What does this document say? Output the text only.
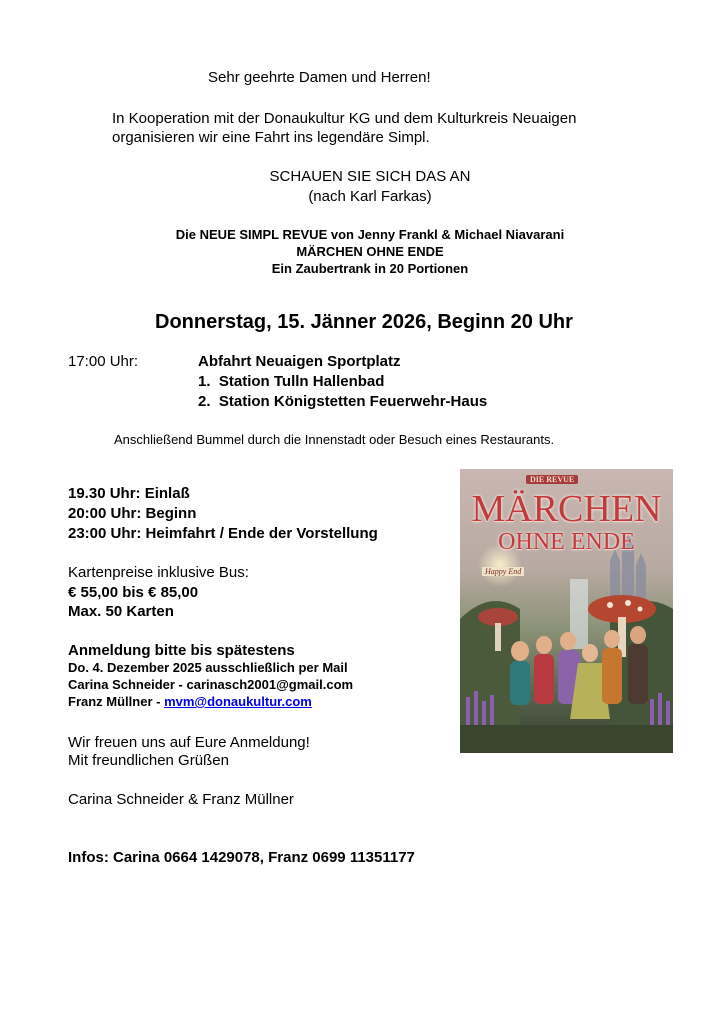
Sehr geehrte Damen und Herren!
In Kooperation mit der Donaukultur KG und dem Kulturkreis Neuaigen
organisieren wir eine Fahrt ins legendäre Simpl.
SCHAUEN SIE SICH DAS AN
(nach Karl Farkas)
Die NEUE SIMPL REVUE von Jenny Frankl & Michael Niavarani
MÄRCHEN OHNE ENDE
Ein Zaubertrank in 20 Portionen
Donnerstag, 15. Jänner 2026, Beginn 20 Uhr
17:00 Uhr:	Abfahrt Neuaigen Sportplatz
1. Station Tulln Hallenbad
2. Station Königstetten Feuerwehr-Haus
Anschließend Bummel durch die Innenstadt oder Besuch eines Restaurants.
19.30 Uhr: Einlaß
20:00 Uhr: Beginn
23:00 Uhr: Heimfahrt / Ende der Vorstellung
Kartenpreise inklusive Bus:
€ 55,00 bis € 85,00
Max. 50 Karten
Anmeldung bitte bis spätestens
Do. 4. Dezember 2025 ausschließlich per Mail
Carina Schneider - carinasch2001@gmail.com
Franz Müllner - mvm@donaukultur.com
Wir freuen uns auf Eure Anmeldung!
Mit freundlichen Grüßen
Carina Schneider & Franz Müllner
Infos: Carina 0664 1429078, Franz 0699 11351177
DIE REVUE
MÄRCHEN
OHNE ENDE
Happy End
